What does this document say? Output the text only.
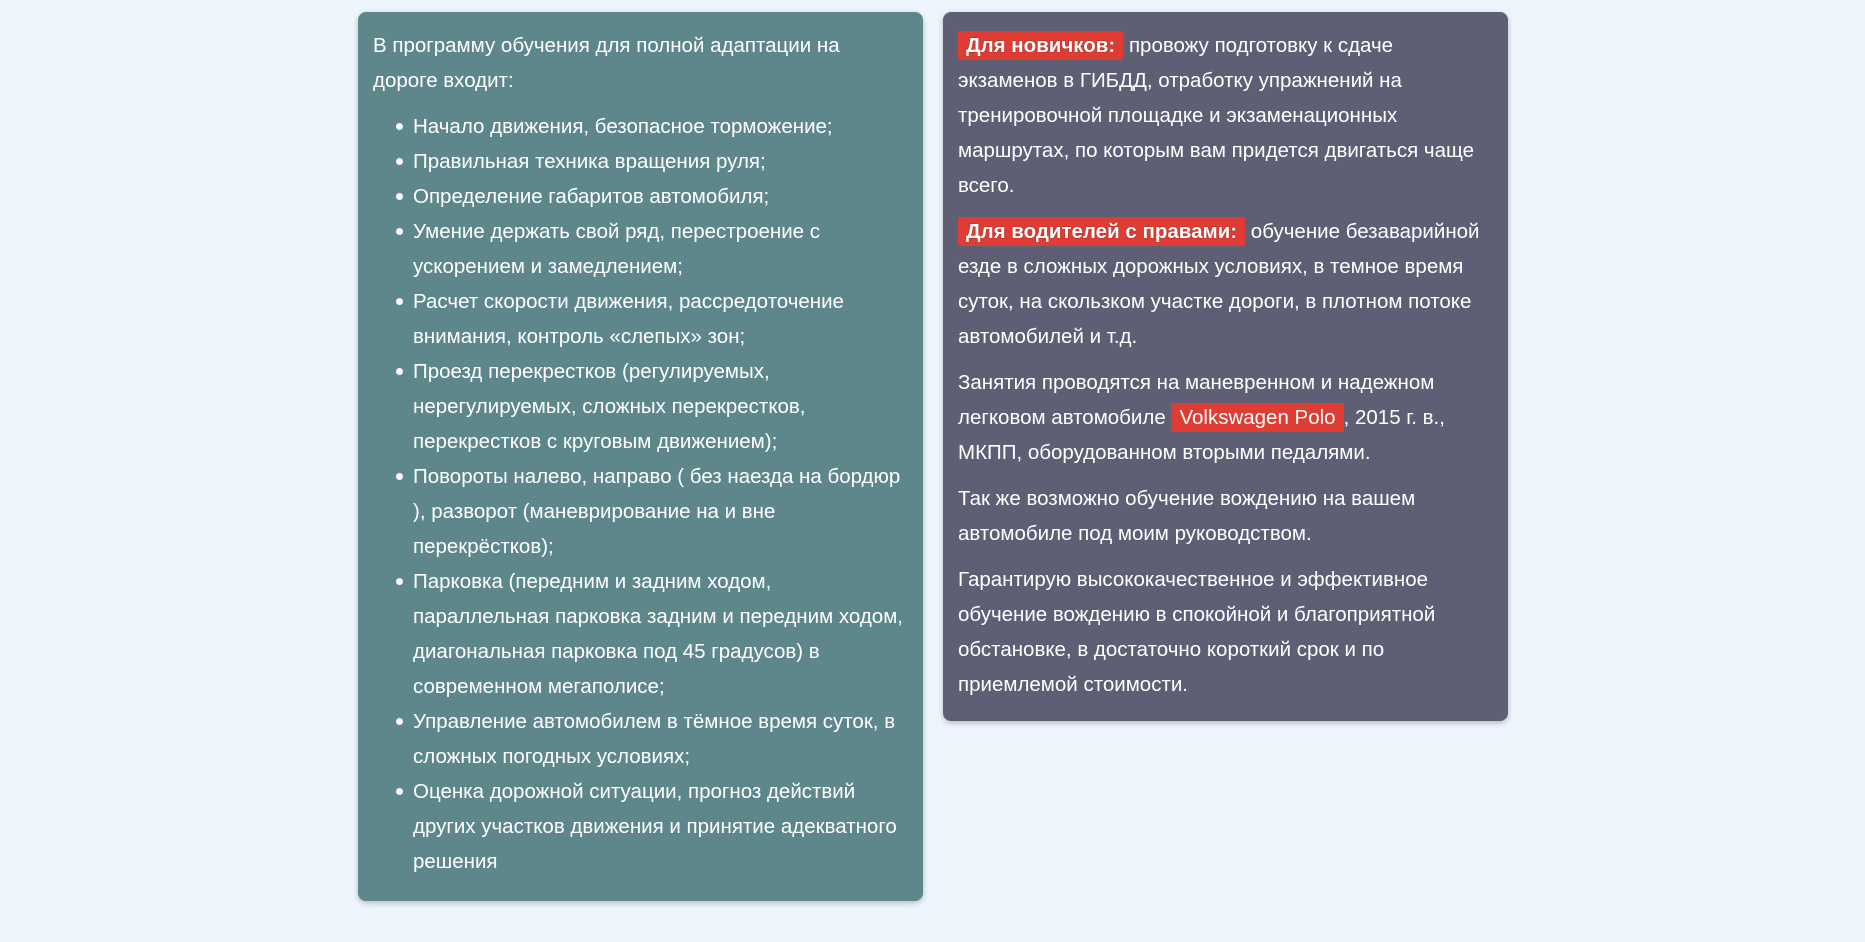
В программу обучения для полной адаптации на дороге входит:

Начало движения, безопасное торможение;
Правильная техника вращения руля;
Определение габаритов автомобиля;
Умение держать свой ряд, перестроение с ускорением и замедлением;
Расчет скорости движения, рассредоточение внимания, контроль «слепых» зон;
Проезд перекрестков (регулируемых, нерегулируемых, сложных перекрестков, перекрестков с круговым движением);
Повороты налево, направо ( без наезда на бордюр ), разворот (маневрирование на и вне перекрёстков);
Парковка (передним и задним ходом, параллельная парковка задним и передним ходом, диагональная парковка под 45 градусов) в современном мегаполисе;
Управление автомобилем в тёмное время суток, в сложных погодных условиях;
Оценка дорожной ситуации, прогноз действий других участков движения и принятие адекватного решения

Для новичков: провожу подготовку к сдаче экзаменов в ГИБДД, отработку упражнений на тренировочной площадке и экзаменационных маршрутах, по которым вам придется двигаться чаще всего.

Для водителей с правами: обучение безаварийной езде в сложных дорожных условиях, в темное время суток, на скользком участке дороги, в плотном потоке автомобилей и т.д.

Занятия проводятся на маневренном и надежном легковом автомобиле Volkswagen Polo , 2015 г. в., МКПП, оборудованном вторыми педалями.

Так же возможно обучение вождению на вашем автомобиле под моим руководством.

Гарантирую высококачественное и эффективное обучение вождению в спокойной и благоприятной обстановке, в достаточно короткий срок и по приемлемой стоимости.
